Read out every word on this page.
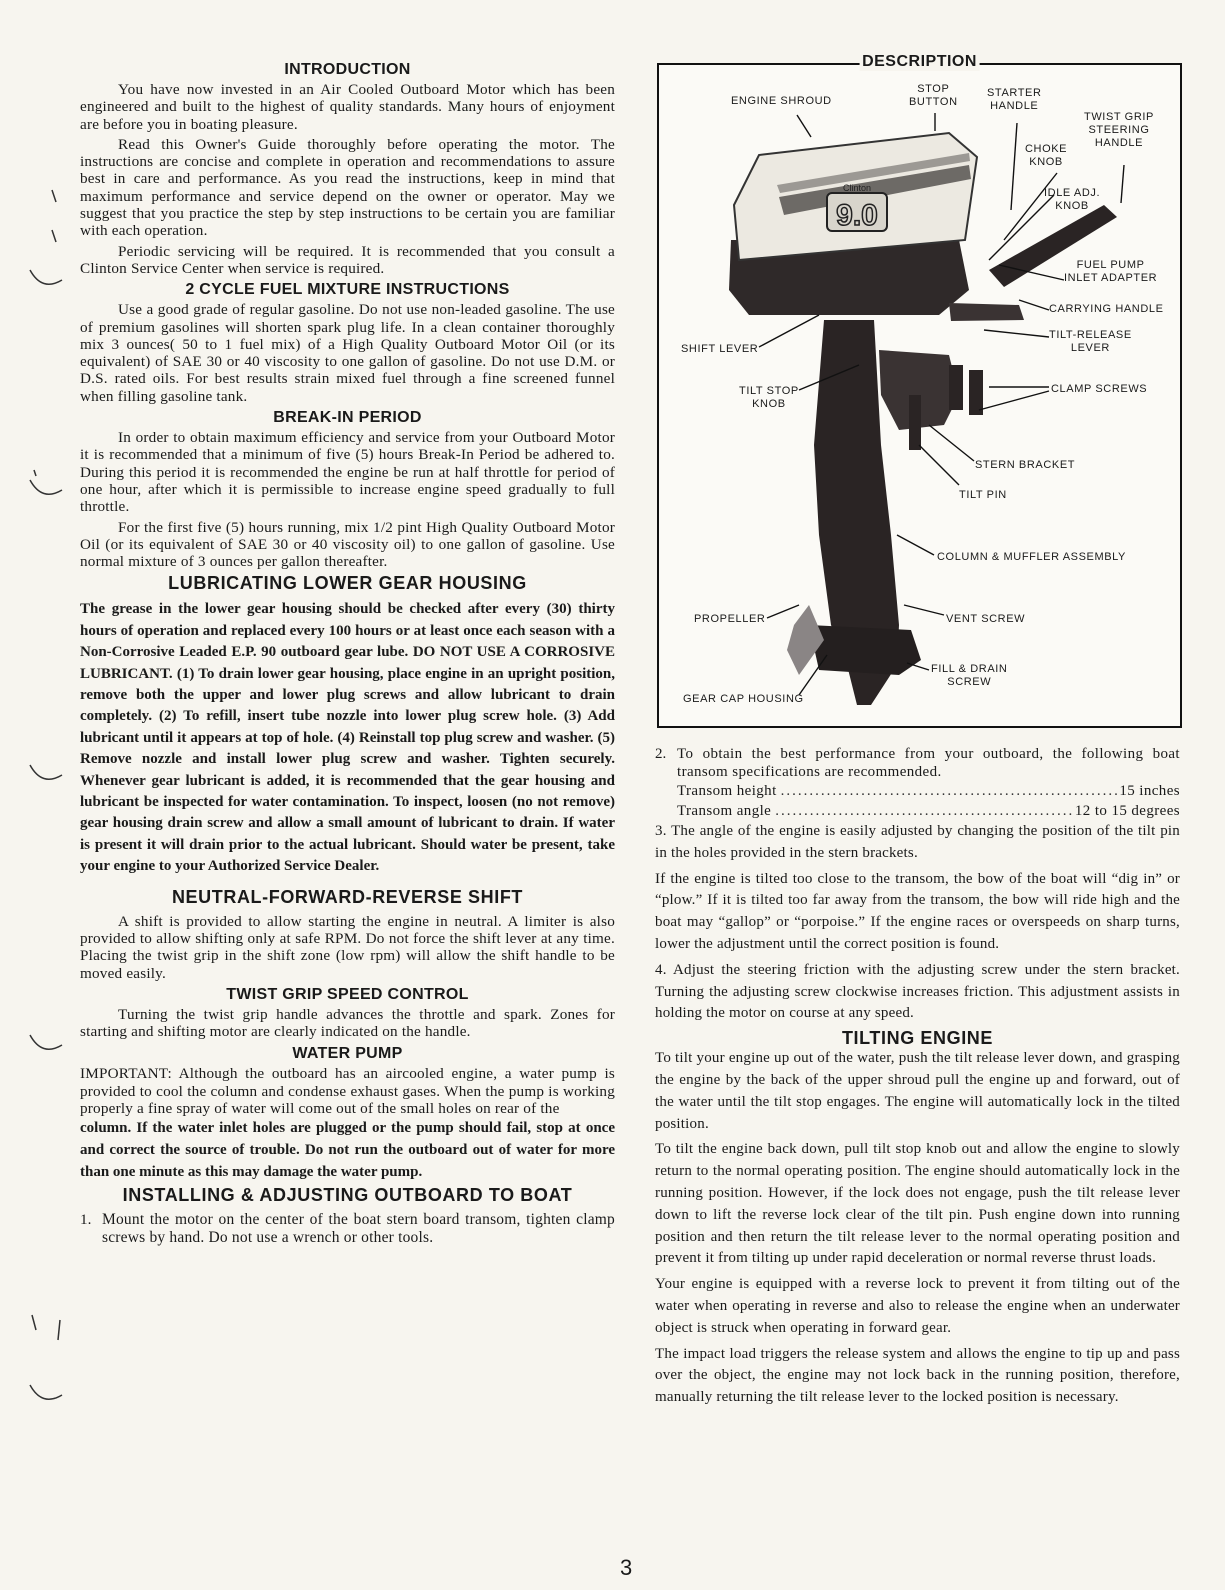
INTRODUCTION

You have now invested in an Air Cooled Outboard Motor which has been engineered and built to the highest of quality standards. Many hours of enjoyment are before you in boating pleasure.

Read this Owner's Guide thoroughly before operating the motor. The instructions are concise and complete in operation and recommendations to assure best in care and performance. As you read the instructions, keep in mind that maximum performance and service depend on the owner or operator. May we suggest that you practice the step by step instructions to be certain you are familiar with each operation.

Periodic servicing will be required. It is recommended that you consult a Clinton Service Center when service is required.

2 CYCLE FUEL MIXTURE INSTRUCTIONS

Use a good grade of regular gasoline. Do not use non-leaded gasoline. The use of premium gasolines will shorten spark plug life. In a clean container thoroughly mix 3 ounces( 50 to 1 fuel mix) of a High Quality Outboard Motor Oil (or its equivalent) of SAE 30 or 40 viscosity to one gallon of gasoline. Do not use D.M. or D.S. rated oils. For best results strain mixed fuel through a fine screened funnel when filling gasoline tank.

BREAK-IN PERIOD

In order to obtain maximum efficiency and service from your Outboard Motor it is recommended that a minimum of five (5) hours Break-In Period be adhered to. During this period it is recommended the engine be run at half throttle for period of one hour, after which it is permissible to increase engine speed gradually to full throttle.

For the first five (5) hours running, mix 1/2 pint High Quality Outboard Motor Oil (or its equivalent of SAE 30 or 40 viscosity oil) to one gallon of gasoline. Use normal mixture of 3 ounces per gallon thereafter.

LUBRICATING LOWER GEAR HOUSING

The grease in the lower gear housing should be checked after every (30) thirty hours of operation and replaced every 100 hours or at least once each season with a Non-Corrosive Leaded E.P. 90 outboard gear lube. DO NOT USE A CORROSIVE LUBRICANT. (1) To drain lower gear housing, place engine in an upright position, remove both the upper and lower plug screws and allow lubricant to drain completely. (2) To refill, insert tube nozzle into lower plug screw hole. (3) Add lubricant until it appears at top of hole. (4) Reinstall top plug screw and washer. (5) Remove nozzle and install lower plug screw and washer. Tighten securely. Whenever gear lubricant is added, it is recommended that the gear housing and lubricant be inspected for water contamination. To inspect, loosen (no not remove) gear housing drain screw and allow a small amount of lubricant to drain. If water is present it will drain prior to the actual lubricant. Should water be present, take your engine to your Authorized Service Dealer.

NEUTRAL-FORWARD-REVERSE SHIFT

A shift is provided to allow starting the engine in neutral. A limiter is also provided to allow shifting only at safe RPM. Do not force the shift lever at any time. Placing the twist grip in the shift zone (low rpm) will allow the shift handle to be moved easily.

TWIST GRIP SPEED CONTROL

Turning the twist grip handle advances the throttle and spark. Zones for starting and shifting motor are clearly indicated on the handle.

WATER PUMP

IMPORTANT: Although the outboard has an aircooled engine, a water pump is provided to cool the column and condense exhaust gases. When the pump is working properly a fine spray of water will come out of the small holes on rear of the

column. If the water inlet holes are plugged or the pump should fail, stop at once and correct the source of trouble. Do not run the outboard out of water for more than one minute as this may damage the water pump.

INSTALLING & ADJUSTING OUTBOARD TO BOAT
1. Mount the motor on the center of the boat stern board transom, tighten clamp screws by hand. Do not use a wrench or other tools.

DESCRIPTION
9.0
Clinton
ENGINE SHROUD
STOP
BUTTON
STARTER
HANDLE
TWIST GRIP
STEERING
HANDLE
CHOKE
KNOB
IDLE ADJ.
KNOB
FUEL PUMP
INLET ADAPTER
CARRYING HANDLE
TILT-RELEASE
LEVER
SHIFT LEVER
TILT STOP
KNOB
CLAMP SCREWS
STERN BRACKET
TILT PIN
COLUMN & MUFFLER ASSEMBLY
PROPELLER	VENT SCREW
FILL & DRAIN
SCREW
GEAR CAP HOUSING
2. To obtain the best performance from your outboard, the following boat transom specifications are recommended.

Transom height .....	15 inches
Transom angle .....	12 to 15 degrees

3. The angle of the engine is easily adjusted by changing the position of the tilt pin in the holes provided in the stern brackets.

If the engine is tilted too close to the transom, the bow of the boat will “dig in” or “plow.” If it is tilted too far away from the transom, the bow will ride high and the boat may “gallop” or “porpoise.” If the engine races or overspeeds on sharp turns, lower the adjustment until the correct position is found.

4. Adjust the steering friction with the adjusting screw under the stern bracket. Turning the adjusting screw clockwise increases friction. This adjustment assists in holding the motor on course at any speed.

TILTING ENGINE

To tilt your engine up out of the water, push the tilt release lever down, and grasping the engine by the back of the upper shroud pull the engine up and forward, out of the water until the tilt stop engages. The engine will automatically lock in the tilted position.

To tilt the engine back down, pull tilt stop knob out and allow the engine to slowly return to the normal operating position. The engine should automatically lock in the running position. However, if the lock does not engage, push the tilt release lever down to lift the reverse lock clear of the tilt pin. Push engine down into running position and then return the tilt release lever to the normal operating position and prevent it from tilting up under rapid deceleration or normal reverse thrust loads.

Your engine is equipped with a reverse lock to prevent it from tilting out of the water when operating in reverse and also to release the engine when an underwater object is struck when operating in forward gear.

The impact load triggers the release system and allows the engine to tip up and pass over the object, the engine may not lock back in the running position, therefore, manually returning the tilt release lever to the locked position is necessary.

3
